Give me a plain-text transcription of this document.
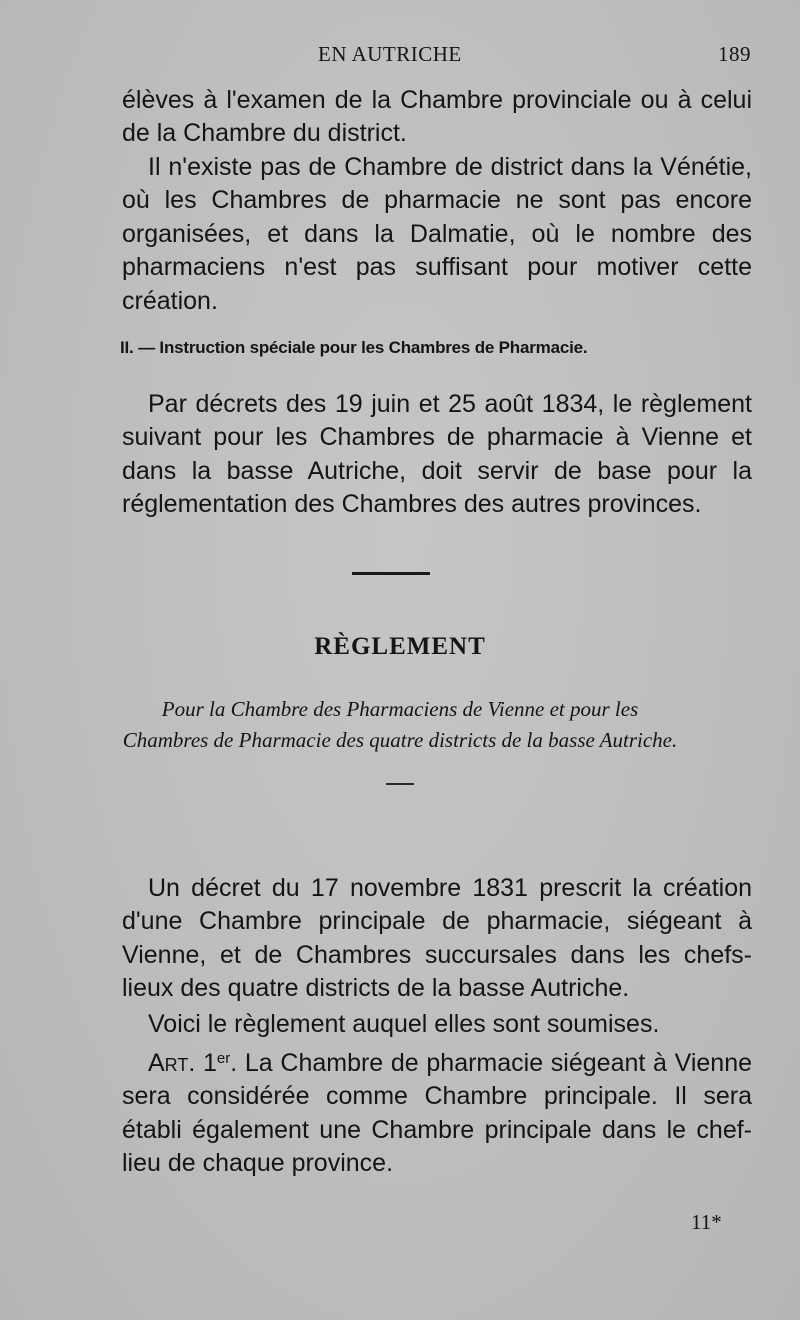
EN AUTRICHE	189
élèves à l'examen de la Chambre provinciale ou à celui de la Chambre du district.
Il n'existe pas de Chambre de district dans la Vénétie, où les Chambres de pharmacie ne sont pas encore organisées, et dans la Dalmatie, où le nombre des pharmaciens n'est pas suffisant pour motiver cette création.
II. — Instruction spéciale pour les Chambres de Pharmacie.
Par décrets des 19 juin et 25 août 1834, le règlement suivant pour les Chambres de pharmacie à Vienne et dans la basse Autriche, doit servir de base pour la réglementation des Chambres des autres provinces.
RÈGLEMENT
Pour la Chambre des Pharmaciens de Vienne et pour les Chambres de Pharmacie des quatre districts de la basse Autriche.
Un décret du 17 novembre 1831 prescrit la création d'une Chambre principale de pharmacie, siégeant à Vienne, et de Chambres succursales dans les chefs-lieux des quatre districts de la basse Autriche.
Voici le règlement auquel elles sont soumises.
Art. 1er. La Chambre de pharmacie siégeant à Vienne sera considérée comme Chambre principale. Il sera établi également une Chambre principale dans le chef-lieu de chaque province.
11*
